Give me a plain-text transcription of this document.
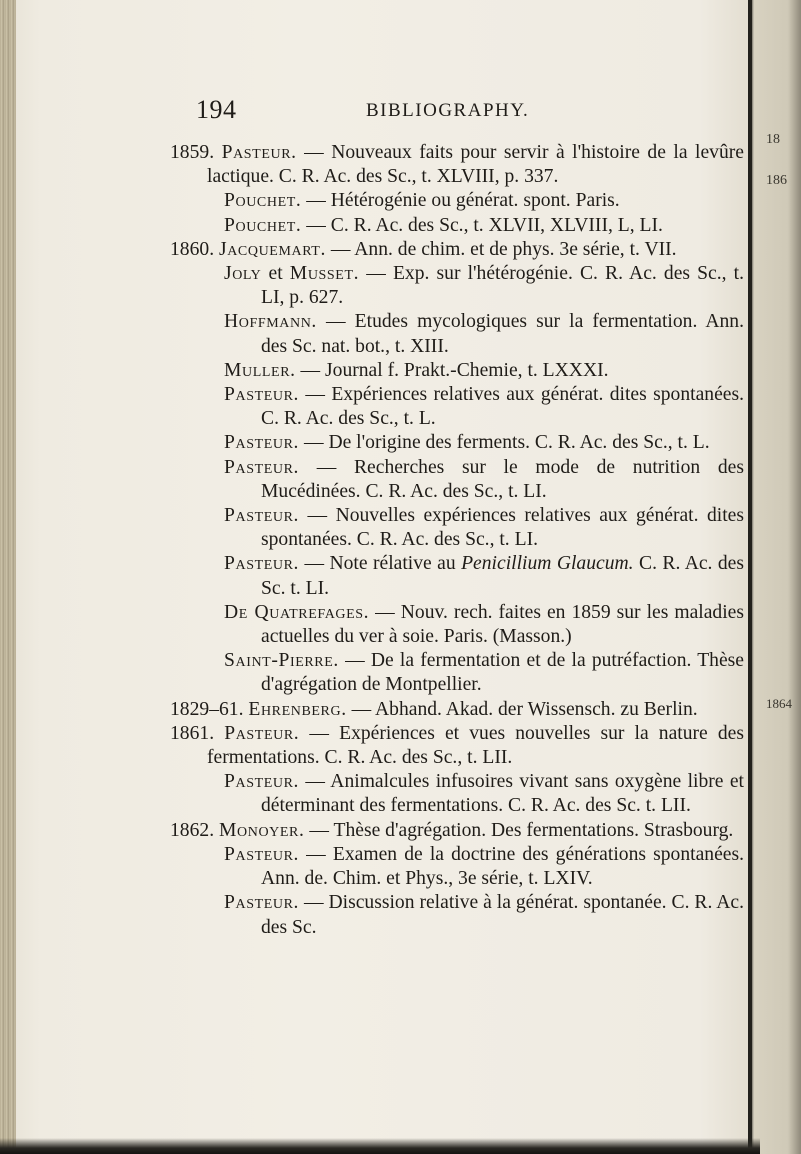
18
186
1864
194	BIBLIOGRAPHY.
1859. Pasteur. — Nouveaux faits pour servir à l'histoire de la levûre lactique. C. R. Ac. des Sc., t. XLVIII, p. 337.
Pouchet. — Hétérogénie ou générat. spont. Paris.
Pouchet. — C. R. Ac. des Sc., t. XLVII, XLVIII, L, LI.
1860. Jacquemart. — Ann. de chim. et de phys. 3e série, t. VII.
Joly et Musset. — Exp. sur l'hétérogénie. C. R. Ac. des Sc., t. LI, p. 627.
Hoffmann. — Etudes mycologiques sur la fermentation. Ann. des Sc. nat. bot., t. XIII.
Muller. — Journal f. Prakt.-Chemie, t. LXXXI.
Pasteur. — Expériences relatives aux générat. dites spontanées. C. R. Ac. des Sc., t. L.
Pasteur. — De l'origine des ferments. C. R. Ac. des Sc., t. L.
Pasteur. — Recherches sur le mode de nutrition des Mucédinées. C. R. Ac. des Sc., t. LI.
Pasteur. — Nouvelles expériences relatives aux générat. dites spontanées. C. R. Ac. des Sc., t. LI.
Pasteur. — Note rélative au Penicillium Glaucum. C. R. Ac. des Sc. t. LI.
De Quatrefages. — Nouv. rech. faites en 1859 sur les maladies actuelles du ver à soie. Paris. (Masson.)
Saint-Pierre. — De la fermentation et de la putréfaction. Thèse d'agrégation de Montpellier.
1829–61. Ehrenberg. — Abhand. Akad. der Wissensch. zu Berlin.
1861. Pasteur. — Expériences et vues nouvelles sur la nature des fermentations. C. R. Ac. des Sc., t. LII.
Pasteur. — Animalcules infusoires vivant sans oxygène libre et déterminant des fermentations. C. R. Ac. des Sc. t. LII.
1862. Monoyer. — Thèse d'agrégation. Des fermentations. Strasbourg.
Pasteur. — Examen de la doctrine des générations spontanées. Ann. de. Chim. et Phys., 3e série, t. LXIV.
Pasteur. — Discussion relative à la générat. spontanée. C. R. Ac. des Sc.
